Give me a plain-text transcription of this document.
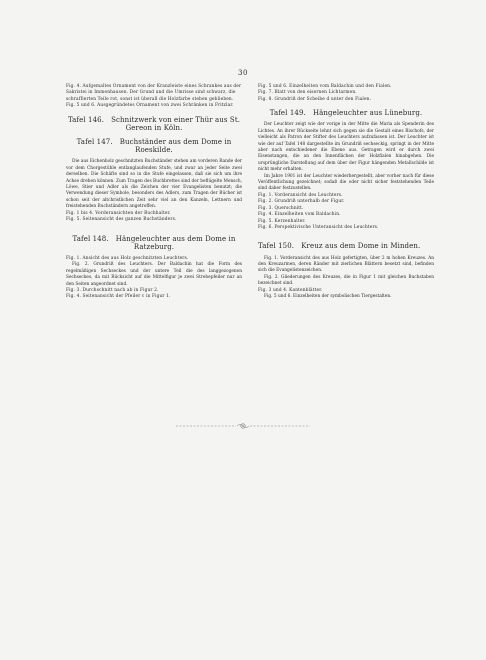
30

Fig. 4. Aufgemaltes Ornament von der Kranzleiste eines Schrankes aus der Sakristei in Immenhausen. Der Grund und die Umrisse sind schwarz, die schraffierten Teile rot, sonst ist überall die Holzfarbe stehen geblieben.

Fig. 5 und 6. Ausgegründetes Ornament von zwei Schränken in Fritzlar.

Tafel 146.  Schnitzwerk von einer Thür aus St. Gereon in Köln.
Tafel 147.  Buchständer aus dem Dome in Roeskilde.

Die aus Eichenholz geschnitzten Buchständer stehen am vorderen Rande der vor dem Chorgestühle entlanglaufenden Stufe, und zwar an jeder Seite zwei derselben. Die Schäfte sind so in die Stufe eingelassen, daß sie sich um ihre Achse drehen können. Zum Tragen des Buchbrettes sind der beflügelte Mensch, Löwe, Stier und Adler als die Zeichen der vier Evangelisten benutzt; die Verwendung dieser Symbole, besonders des Adlers, zum Tragen der Bücher ist schon seit der altchristlichen Zeit sehr viel an den Kanzeln, Lettnern und freistehenden Buchständern angetroffen.

Fig. 1 bis 4. Vorderansichten der Buchhalter.

Fig. 5. Seitenansicht des ganzen Buchständers.

Tafel 148.  Hängeleuchter aus dem Dome in Ratzeburg.

Fig. 1. Ansicht des aus Holz geschnitzten Leuchters.

Fig. 2. Grundriß des Leuchters. Der Baldachin hat die Form des regelmäßigen Sechseckes und der untere Teil die des langgezogenen Sechseckes, da mit Rücksicht auf die Mittelfigur je zwei Strebepfeiler nur an den Seiten angeordnet sind.

Fig. 3. Durchschnitt nach ab in Figur 2.

Fig. 4. Seitenansicht der Pfeiler c in Figur 1.

Fig. 5 und 6. Einzelheiten vom Baldachin und den Fialen.

Fig. 7. Blatt von den eisernen Lichtarmen.

Fig. 8. Grundriß der Scheibe d unter den Fialen.

Tafel 149.  Hängeleuchter aus Lüneburg.

Der Leuchter zeigt wie der vorige in der Mitte die Maria als Spenderin des Lichtes. An ihrer Rückseite lehnt sich gegen sie die Gestalt eines Bischofs, der vielleicht als Patron der Stifter des Leuchters aufzufassen ist. Der Leuchter ist wie der auf Tafel 148 dargestellte im Grundriß sechseckig, springt in der Mitte aber nach entschiedener die Ebene aus. Getragen wird er durch zwei Eisenstangen, die an den Innenflächen der Holzfialen hinabgehen. Die ursprüngliche Darstellung auf dem über der Figur hängenden Metallschilde ist nicht mehr erhalten.

Im Jahre 1901 ist der Leuchter wiederhergestellt, aber vorher nach für diese Veröffentlichung gezeichnet; sodaß die oder nicht sicher feststehenden Teile sind daher festzustellen.

Fig. 1. Vorderansicht des Leuchters.

Fig. 2. Grundriß unterhalb der Figur.

Fig. 3. Querschnitt.

Fig. 4. Einzelheiten vom Baldachin.

Fig. 5. Kerzenhalter.

Fig. 6. Perspektivische Unteransicht des Leuchters.

Tafel 150.  Kreuz aus dem Dome in Minden.

Fig. 1. Vorderansicht des aus Holz gefertigten, über 2 m hohen Kreuzes. An den Kreuzarmen, deren Ränder mit zierlichen Blättern besetzt sind, befinden sich die Evangelistenzeichen.

Fig. 2. Gliederungen des Kreuzes, die in Figur 1 mit gleichen Buchstaben bezeichnet sind.

Fig. 3 und 4. Kantenblätter.

Fig. 5 und 6. Einzelheiten der symbolischen Tiergestalten.
